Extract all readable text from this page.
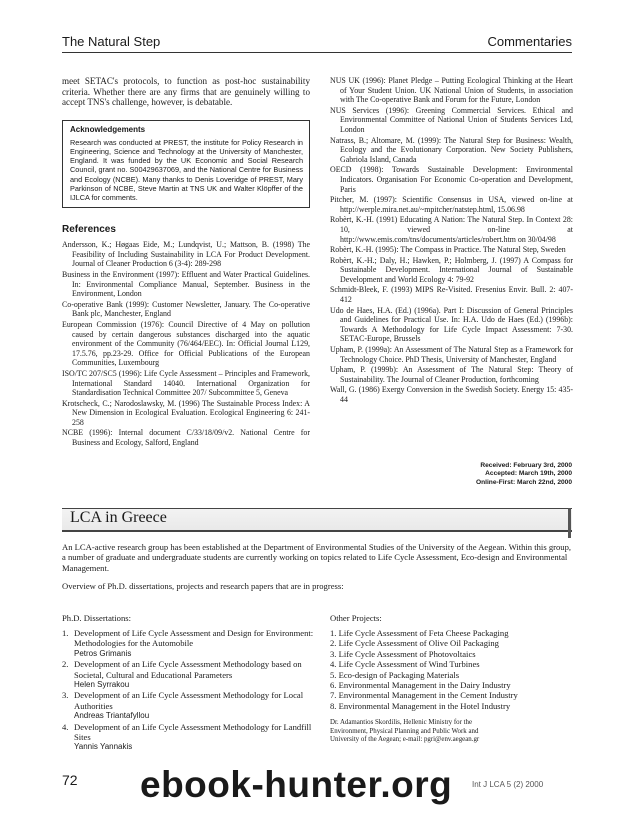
The Natural Step	Commentaries
meet SETAC's protocols, to function as post-hoc sustainability criteria. Whether there are any firms that are genuinely willing to accept TNS's challenge, however, is debatable.
Acknowledgements
Research was conducted at PREST, the institute for Policy Research in Engineering, Science and Technology at the University of Manchester, England. It was funded by the UK Economic and Social Research Council, grant no. S00429637069, and the National Centre for Business and Ecology (NCBE). Many thanks to Denis Loveridge of PREST, Mary Parkinson of NCBE, Steve Martin at TNS UK and Walter Klöpffer of the IJLCA for comments.
References

Andersson, K.; Høgaas Eide, M.; Lundqvist, U.; Mattson, B. (1998) The Feasibility of Including Sustainability in LCA For Product Development. Journal of Cleaner Production 6 (3-4): 289-298

Business in the Environment (1997): Effluent and Water Practical Guidelines. In: Environmental Compliance Manual, September. Business in the Environment, London

Co-operative Bank (1999): Customer Newsletter, January. The Co-operative Bank plc, Manchester, England

European Commission (1976): Council Directive of 4 May on pollution caused by certain dangerous substances discharged into the aquatic environment of the Community (76/464/EEC). In: Official Journal L129, 17.5.76, pp.23-29. Office for Official Publications of the European Communities, Luxembourg

ISO/TC 207/SC5 (1996): Life Cycle Assessment – Principles and Framework, International Standard 14040. International Organization for Standardisation Technical Committee 207/ Subcommittee 5, Geneva

Krotscheck, C.; Narodoslawsky, M. (1996) The Sustainable Process Index: A New Dimension in Ecological Evaluation. Ecological Engineering 6: 241-258

NCBE (1996): Internal document C/33/18/09/v2. National Centre for Business and Ecology, Salford, England

NUS UK (1996): Planet Pledge – Putting Ecological Thinking at the Heart of Your Student Union. UK National Union of Students, in association with The Co-operative Bank and Forum for the Future, London

NUS Services (1996): Greening Commercial Services. Ethical and Environmental Committee of National Union of Students Services Ltd, London

Natrass, B.; Altomare, M. (1999): The Natural Step for Business: Wealth, Ecology and the Evolutionary Corporation. New Society Publishers, Gabriola Island, Canada

OECD (1998): Towards Sustainable Development: Environmental Indicators. Organisation For Economic Co-operation and Development, Paris

Pitcher, M. (1997): Scientific Consensus in USA, viewed on-line at http://werple.mira.net.au/~mpitcher/natstep.html, 15.06.98

Robèrt, K.-H. (1991) Educating A Nation: The Natural Step. In Context 28: 10, viewed on-line at http://www.emis.com/tns/documents/articles/robert.htm on 30/04/98

Robèrt, K.-H. (1995): The Compass in Practice. The Natural Step, Sweden

Robèrt, K.-H.; Daly, H.; Hawken, P.; Holmberg, J. (1997) A Compass for Sustainable Development. International Journal of Sustainable Development and World Ecology 4: 79-92

Schmidt-Bleek, F. (1993) MIPS Re-Visited. Fresenius Envir. Bull. 2: 407-412

Udo de Haes, H.A. (Ed.) (1996a). Part I: Discussion of General Principles and Guidelines for Practical Use. In: H.A. Udo de Haes (Ed.) (1996b): Towards A Methodology for Life Cycle Impact Assessment: 7-30. SETAC-Europe, Brussels

Upham, P. (1999a): An Assessment of The Natural Step as a Framework for Technology Choice. PhD Thesis, University of Manchester, England

Upham, P. (1999b): An Assessment of The Natural Step: Theory of Sustainability. The Journal of Cleaner Production, forthcoming

Wall, G. (1986) Exergy Conversion in the Swedish Society. Energy 15: 435-44

Received: February 3rd, 2000
Accepted: March 19th, 2000
Online-First: March 22nd, 2000
LCA in Greece
An LCA-active research group has been established at the Department of Environmental Studies of the University of the Aegean. Within this group, a number of graduate and undergraduate students are currently working on topics related to Life Cycle Assessment, Eco-design and Environmental Management.
Overview of Ph.D. dissertations, projects and research papers that are in progress:
Ph.D. Dissertations:

1. Development of Life Cycle Assessment and Design for Environment: Methodologies for the Automobile

Petros Grimanis

2. Development of an Life Cycle Assessment Methodology based on Societal, Cultural and Educational Parameters

Helen Syrrakou

3. Development of an Life Cycle Assessment Methodology for Local Authorities

Andreas Triantafyllou

4. Development of an Life Cycle Assessment Methodology for Landfill Sites

Yannis Yannakis
Other Projects:

1. Life Cycle Assessment of Feta Cheese Packaging

2. Life Cycle Assessment of Olive Oil Packaging

3. Life Cycle Assessment of Photovoltaics

4. Life Cycle Assessment of Wind Turbines

5. Eco-design of Packaging Materials

6. Environmental Management in the Dairy Industry

7. Environmental Management in the Cement Industry

8. Environmental Management in the Hotel Industry

Dr. Adamantios Skordilis, Hellenic Ministry for the
Environment, Physical Planning and Public Work and
University of the Aegean; e-mail: pgri@env.aegean.gr
72	Int J LCA 5 (2) 2000
ebook-hunter.org
